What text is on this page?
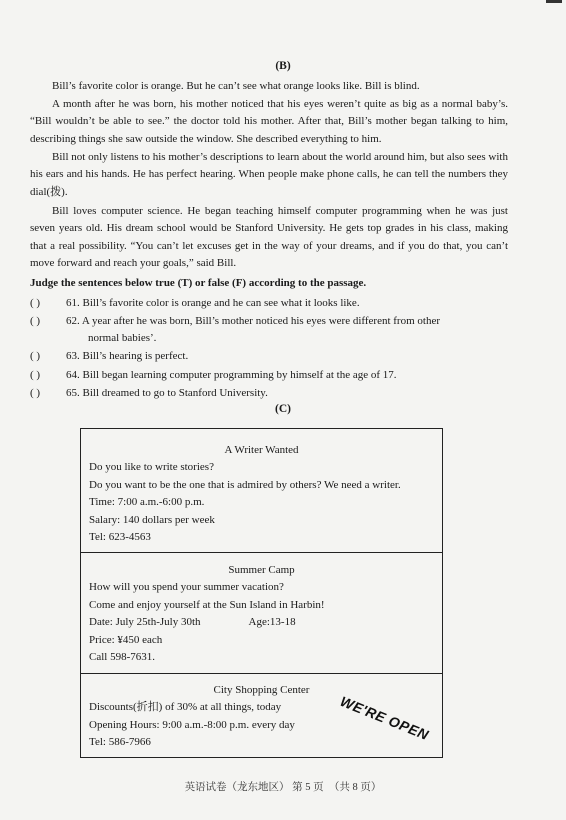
(B)

Bill’s favorite color is orange. But he can’t see what orange looks like. Bill is blind.

A month after he was born, his mother noticed that his eyes weren’t quite as big as a normal baby’s. “Bill wouldn’t be able to see.” the doctor told his mother. After that, Bill’s mother began talking to him, describing things she saw outside the window. She described everything to him.

Bill not only listens to his mother’s descriptions to learn about the world around him, but also sees with his ears and his hands. He has perfect hearing. When people make phone calls, he can tell the numbers they dial(拨).

Bill loves computer science. He began teaching himself computer programming when he was just seven years old. His dream school would be Stanford University. He gets top grades in his class, making that a real possibility. “You can’t let excuses get in the way of your dreams, and if you do that, you can’t move forward and reach your goals,” said Bill.

Judge the sentences below true (T) or false (F) according to the passage.
( ) 61. Bill’s favorite color is orange and he can see what it looks like.
( ) 62. A year after he was born, Bill’s mother noticed his eyes were different from other
normal babies’.
( ) 63. Bill’s hearing is perfect.
( ) 64. Bill began learning computer programming by himself at the age of 17.
( ) 65. Bill dreamed to go to Stanford University.
(C)
A Writer Wanted
Do you like to write stories?
Do you want to be the one that is admired by others? We need a writer.
Time: 7:00 a.m.-6:00 p.m.
Salary: 140 dollars per week
Tel: 623-4563
Summer Camp
How will you spend your summer vacation?
Come and enjoy yourself at the Sun Island in Harbin!
Date: July 25th-July 30th	Age:13-18
Price: ¥450 each
Call 598-7631.
City Shopping Center
Discounts(折扣) of 30% at all things, today
Opening Hours: 9:00 a.m.-8:00 p.m. every day
Tel: 586-7966	WE'RE OPEN
英语试卷（龙东地区） 第 5 页　（共 8 页）
